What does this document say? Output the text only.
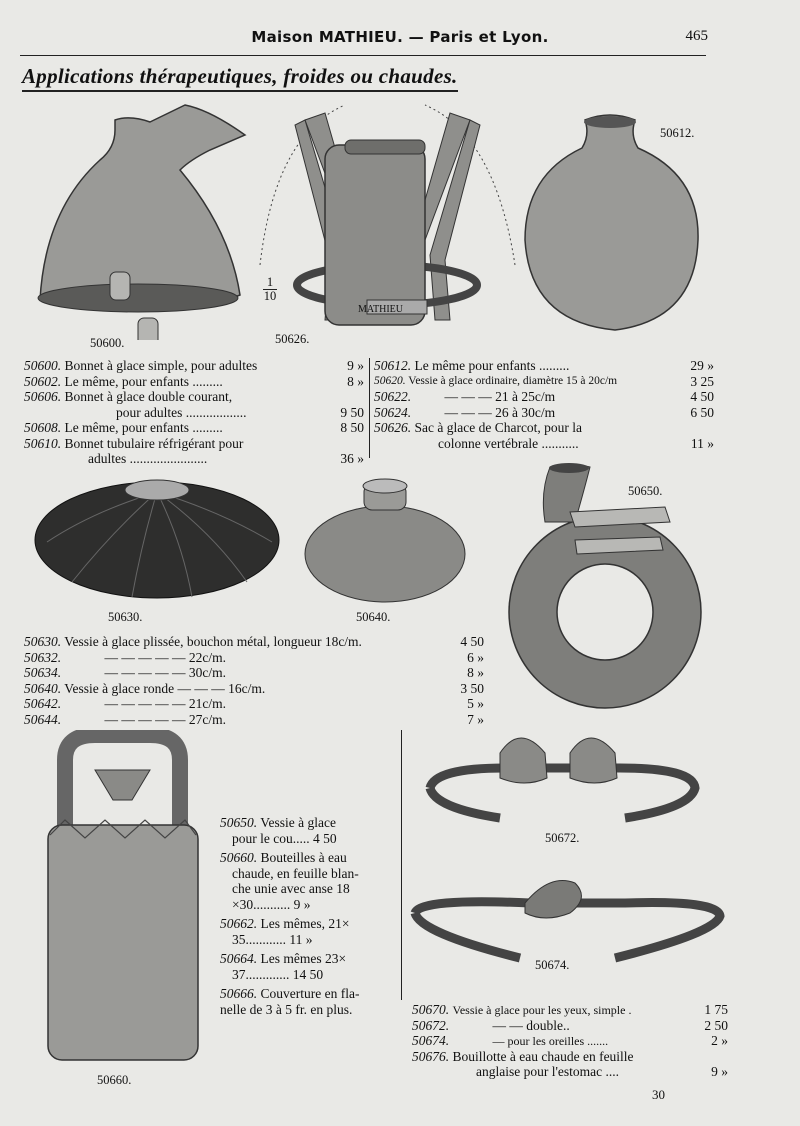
Maison MATHIEU. — Paris et Lyon.	465
Applications thérapeutiques, froides ou chaudes.
50600.
MATHIEU
$\frac{1}{10}$
50626.
50612.
50600. Bonnet à glace simple, pour adultes	9 »
50602. Le même, pour enfants .........	8 »
50606. Bonnet à glace double courant,
pour adultes ..................	9 50
50608. Le même, pour enfants .........	8 50
50610. Bonnet tubulaire réfrigérant pour
adultes .......................	36 »
50612. Le même pour enfants .........	29 »
50620. Vessie à glace ordinaire, diamètre 15 à 20c/m	3 25
50622. — — — 21 à 25c/m	4 50
50624. — — — 26 à 30c/m	6 50
50626. Sac à glace de Charcot, pour la
colonne vertébrale ...........	11 »
50630.	50640.
50650.
50630. Vessie à glace plissée, bouchon métal, longueur 18c/m.	4 50
50632.	— — — — — 22c/m.	6 »
50634.	— — — — — 30c/m.	8 »
50640. Vessie à glace ronde — — — 16c/m.	3 50
50642.	— — — — — 21c/m.	5 »
50644.	— — — — — 27c/m.	7 »
50660.
50650. Vessie à glace
pour le cou..... 4 50
50660. Bouteilles à eau
chaude, en feuille blan-
che unie avec anse 18
×30........... 9 »
50662. Les mêmes, 21×
35............ 11 »
50664. Les mêmes 23×
37............. 14 50
50666. Couverture en fla-
nelle de 3 à 5 fr. en plus.
50672.
50674.
50670. Vessie à glace pour les yeux, simple .	1 75
50672.	— — double..	2 50
50674.	— pour les oreilles .......	2 »
50676. Bouillotte à eau chaude en feuille
anglaise pour l'estomac ....	9 »
30
